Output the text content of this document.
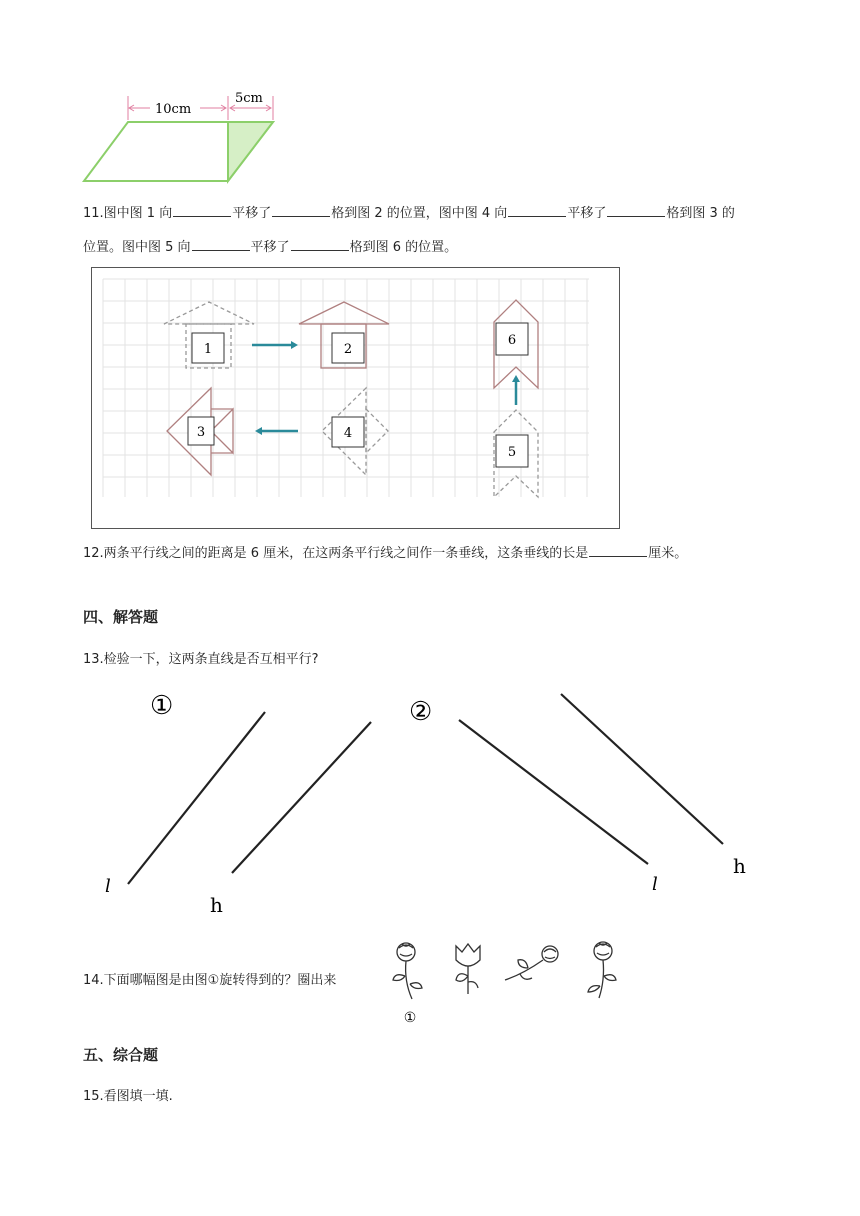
10cm
5cm
11.图中图 1 向	平移了	格到图 2 的位置，图中图 4 向	平移了	格到图 3 的
位置。图中图 5 向	平移了	格到图 6 的位置。
1	2
3	4
5
6
12.两条平行线之间的距离是 6 厘米，在这两条平行线之间作一条垂线，这条垂线的长是	厘米。
四、解答题
13.检验一下，这两条直线是否互相平行?
①
l
h
②
l
h
14.下面哪幅图是由图①旋转得到的？圈出来
①
五、综合题
15.看图填一填.
